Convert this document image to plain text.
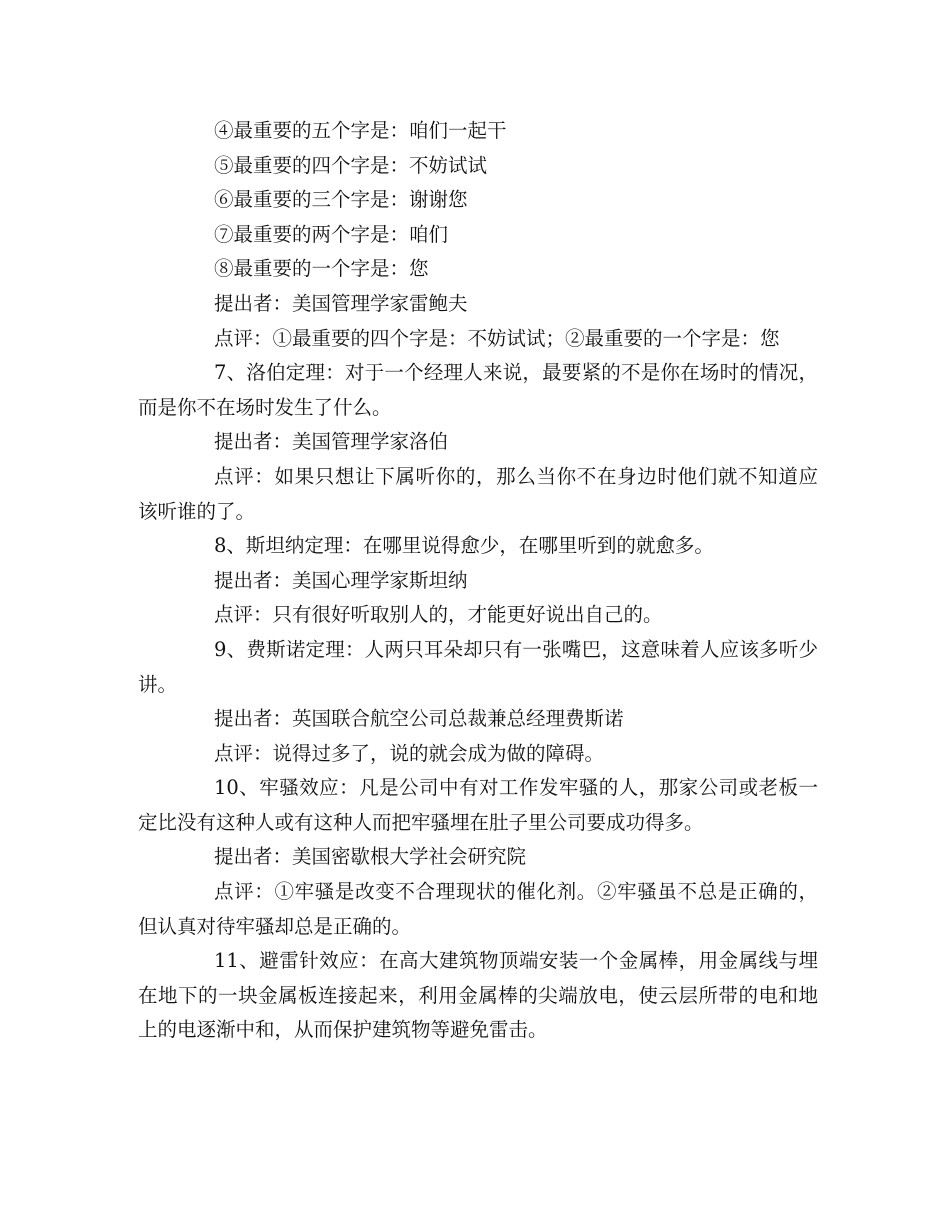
④最重要的五个字是：咱们一起干

⑤最重要的四个字是：不妨试试

⑥最重要的三个字是：谢谢您

⑦最重要的两个字是：咱们

⑧最重要的一个字是：您

提出者：美国管理学家雷鲍夫

点评：①最重要的四个字是：不妨试试；②最重要的一个字是：您

7、洛伯定理：对于一个经理人来说，最要紧的不是你在场时的情况，而是你不在场时发生了什么。

提出者：美国管理学家洛伯

点评：如果只想让下属听你的，那么当你不在身边时他们就不知道应该听谁的了。

8、斯坦纳定理：在哪里说得愈少，在哪里听到的就愈多。

提出者：美国心理学家斯坦纳

点评：只有很好听取别人的，才能更好说出自己的。

9、费斯诺定理：人两只耳朵却只有一张嘴巴，这意味着人应该多听少讲。

提出者：英国联合航空公司总裁兼总经理费斯诺

点评：说得过多了，说的就会成为做的障碍。

10、牢骚效应：凡是公司中有对工作发牢骚的人，那家公司或老板一定比没有这种人或有这种人而把牢骚埋在肚子里公司要成功得多。

提出者：美国密歇根大学社会研究院

点评：①牢骚是改变不合理现状的催化剂。②牢骚虽不总是正确的，但认真对待牢骚却总是正确的。

11、避雷针效应：在高大建筑物顶端安装一个金属棒，用金属线与埋在地下的一块金属板连接起来，利用金属棒的尖端放电，使云层所带的电和地上的电逐渐中和，从而保护建筑物等避免雷击。
